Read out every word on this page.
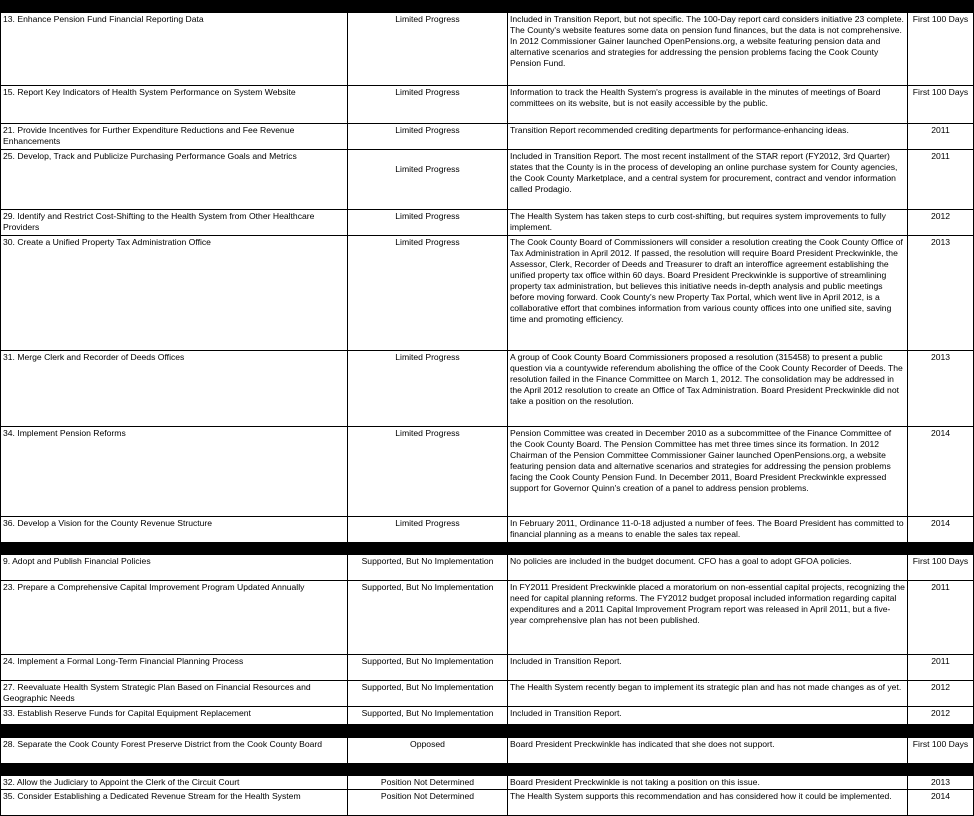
13. Enhance Pension Fund Financial Reporting Data	Limited Progress	Included in Transition Report, but not specific. The 100-Day report card considers initiative 23 complete. The County's website features some data on pension fund finances, but the data is not comprehensive. In 2012 Commissioner Gainer launched OpenPensions.org, a website featuring pension data and alternative scenarios and strategies for addressing the pension problems facing the Cook County Pension Fund.	First 100 Days
15. Report Key Indicators of Health System Performance on System Website	Limited Progress	Information to track the Health System's progress is available in the minutes of meetings of Board committees on its website, but is not easily accessible by the public.	First 100 Days
21. Provide Incentives for Further Expenditure Reductions and Fee Revenue Enhancements	Limited Progress	Transition Report recommended crediting departments for performance-enhancing ideas.	2011
25. Develop, Track and Publicize Purchasing Performance Goals and Metrics	Limited Progress	Included in Transition Report. The most recent installment of the STAR report (FY2012, 3rd Quarter) states that the County is in the process of developing an online purchase system for County agencies, the Cook County Marketplace, and a central system for procurement, contract and vendor information called Prodagio.	2011
29. Identify and Restrict Cost-Shifting to the Health System from Other Healthcare Providers	Limited Progress	The Health System has taken steps to curb cost-shifting, but requires system improvements to fully implement.	2012
30. Create a Unified Property Tax Administration Office	Limited Progress	The Cook County Board of Commissioners will consider a resolution creating the Cook County Office of Tax Administration in April 2012. If passed, the resolution will require Board President Preckwinkle, the Assessor, Clerk, Recorder of Deeds and Treasurer to draft an interoffice agreement establishing the unified property tax office within 60 days. Board President Preckwinkle is supportive of streamlining property tax administration, but believes this initiative needs in-depth analysis and public meetings before moving forward. Cook County's new Property Tax Portal, which went live in April 2012, is a collaborative effort that combines information from various county offices into one unified site, saving time and promoting efficiency.	2013
31. Merge Clerk and Recorder of Deeds Offices	Limited Progress	A group of Cook County Board Commissioners proposed a resolution (315458) to present a public question via a countywide referendum abolishing the office of the Cook County Recorder of Deeds. The resolution failed in the Finance Committee on March 1, 2012. The consolidation may be addressed in the April 2012 resolution to create an Office of Tax Administration. Board President Preckwinkle did not take a position on the resolution.	2013
34. Implement Pension Reforms	Limited Progress	Pension Committee was created in December 2010 as a subcommittee of the Finance Committee of the Cook County Board. The Pension Committee has met three times since its formation. In 2012 Chairman of the Pension Committee Commissioner Gainer launched OpenPensions.org, a website featuring pension data and alternative scenarios and strategies for addressing the pension problems facing the Cook County Pension Fund. In December 2011, Board President Preckwinkle expressed support for Governor Quinn's creation of a panel to address pension problems.	2014
36. Develop a Vision for the County Revenue Structure	Limited Progress	In February 2011, Ordinance 11-0-18 adjusted a number of fees. The Board President has committed to financial planning as a means to enable the sales tax repeal.	2014

9. Adopt and Publish Financial Policies	Supported, But No Implementation	No policies are included in the budget document. CFO has a goal to adopt GFOA policies.	First 100 Days
23. Prepare a Comprehensive Capital Improvement Program Updated Annually	Supported, But No Implementation	In FY2011 President Preckwinkle placed a moratorium on non-essential capital projects, recognizing the need for capital planning reforms. The FY2012 budget proposal included information regarding capital expenditures and a 2011 Capital Improvement Program report was released in April 2011, but a five-year comprehensive plan has not been published.	2011
24. Implement a Formal Long-Term Financial Planning Process	Supported, But No Implementation	Included in Transition Report.	2011
27. Reevaluate Health System Strategic Plan Based on Financial Resources and Geographic Needs	Supported, But No Implementation	The Health System recently began to implement its strategic plan and has not made changes as of yet.	2012
33. Establish Reserve Funds for Capital Equipment Replacement	Supported, But No Implementation	Included in Transition Report.	2012

28. Separate the Cook County Forest Preserve District from the Cook County Board	Opposed	Board President Preckwinkle has indicated that she does not support.	First 100 Days

32. Allow the Judiciary to Appoint the Clerk of the Circuit Court	Position Not Determined	Board President Preckwinkle is not taking a position on this issue.	2013
35. Consider Establishing a Dedicated Revenue Stream for the Health System	Position Not Determined	The Health System supports this recommendation and has considered how it could be implemented.	2014
